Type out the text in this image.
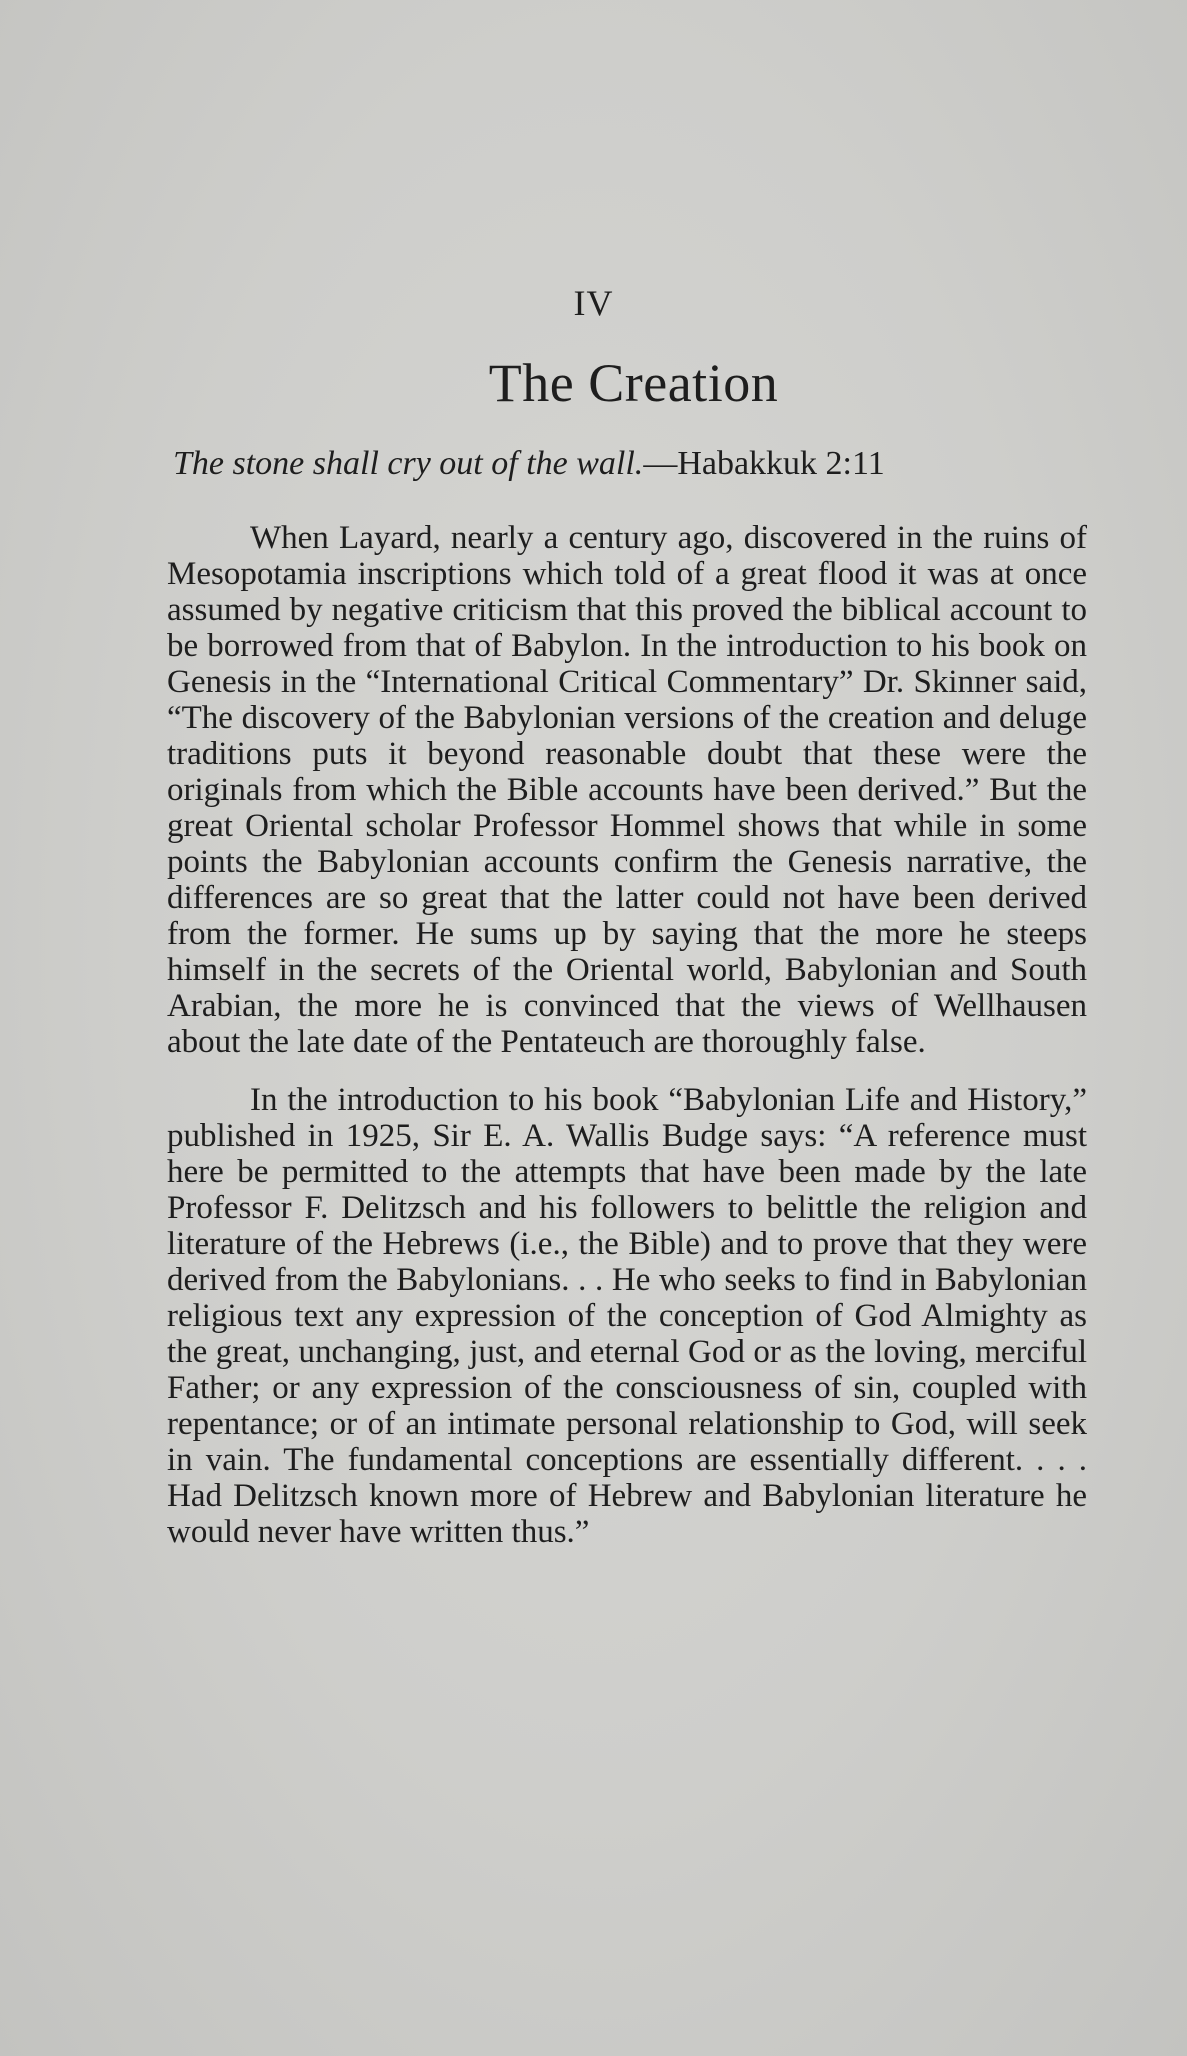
IV
The Creation
The stone shall cry out of the wall.—Habakkuk 2:11

When Layard, nearly a century ago, discovered in the ruins of Mesopotamia inscriptions which told of a great flood it was at once assumed by negative criticism that this proved the biblical account to be borrowed from that of Babylon. In the introduction to his book on Genesis in the “International Critical Commentary” Dr. Skinner said, “The discovery of the Babylonian versions of the creation and deluge traditions puts it beyond reasonable doubt that these were the originals from which the Bible accounts have been derived.” But the great Oriental scholar Professor Hommel shows that while in some points the Babylonian accounts confirm the Genesis narrative, the differences are so great that the latter could not have been derived from the former. He sums up by saying that the more he steeps himself in the secrets of the Oriental world, Babylonian and South Arabian, the more he is convinced that the views of Wellhausen about the late date of the Pentateuch are thoroughly false.

In the introduction to his book “Babylonian Life and History,” published in 1925, Sir E. A. Wallis Budge says: “A reference must here be permitted to the attempts that have been made by the late Professor F. Delitzsch and his followers to belittle the religion and literature of the Hebrews (i.e., the Bible) and to prove that they were derived from the Babylonians. . . He who seeks to find in Babylonian religious text any expression of the conception of God Almighty as the great, unchanging, just, and eternal God or as the loving, merciful Father; or any expression of the consciousness of sin, coupled with repentance; or of an intimate personal relationship to God, will seek in vain. The fundamental conceptions are essentially different. . . . Had Delitzsch known more of Hebrew and Babylonian literature he would never have written thus.”
